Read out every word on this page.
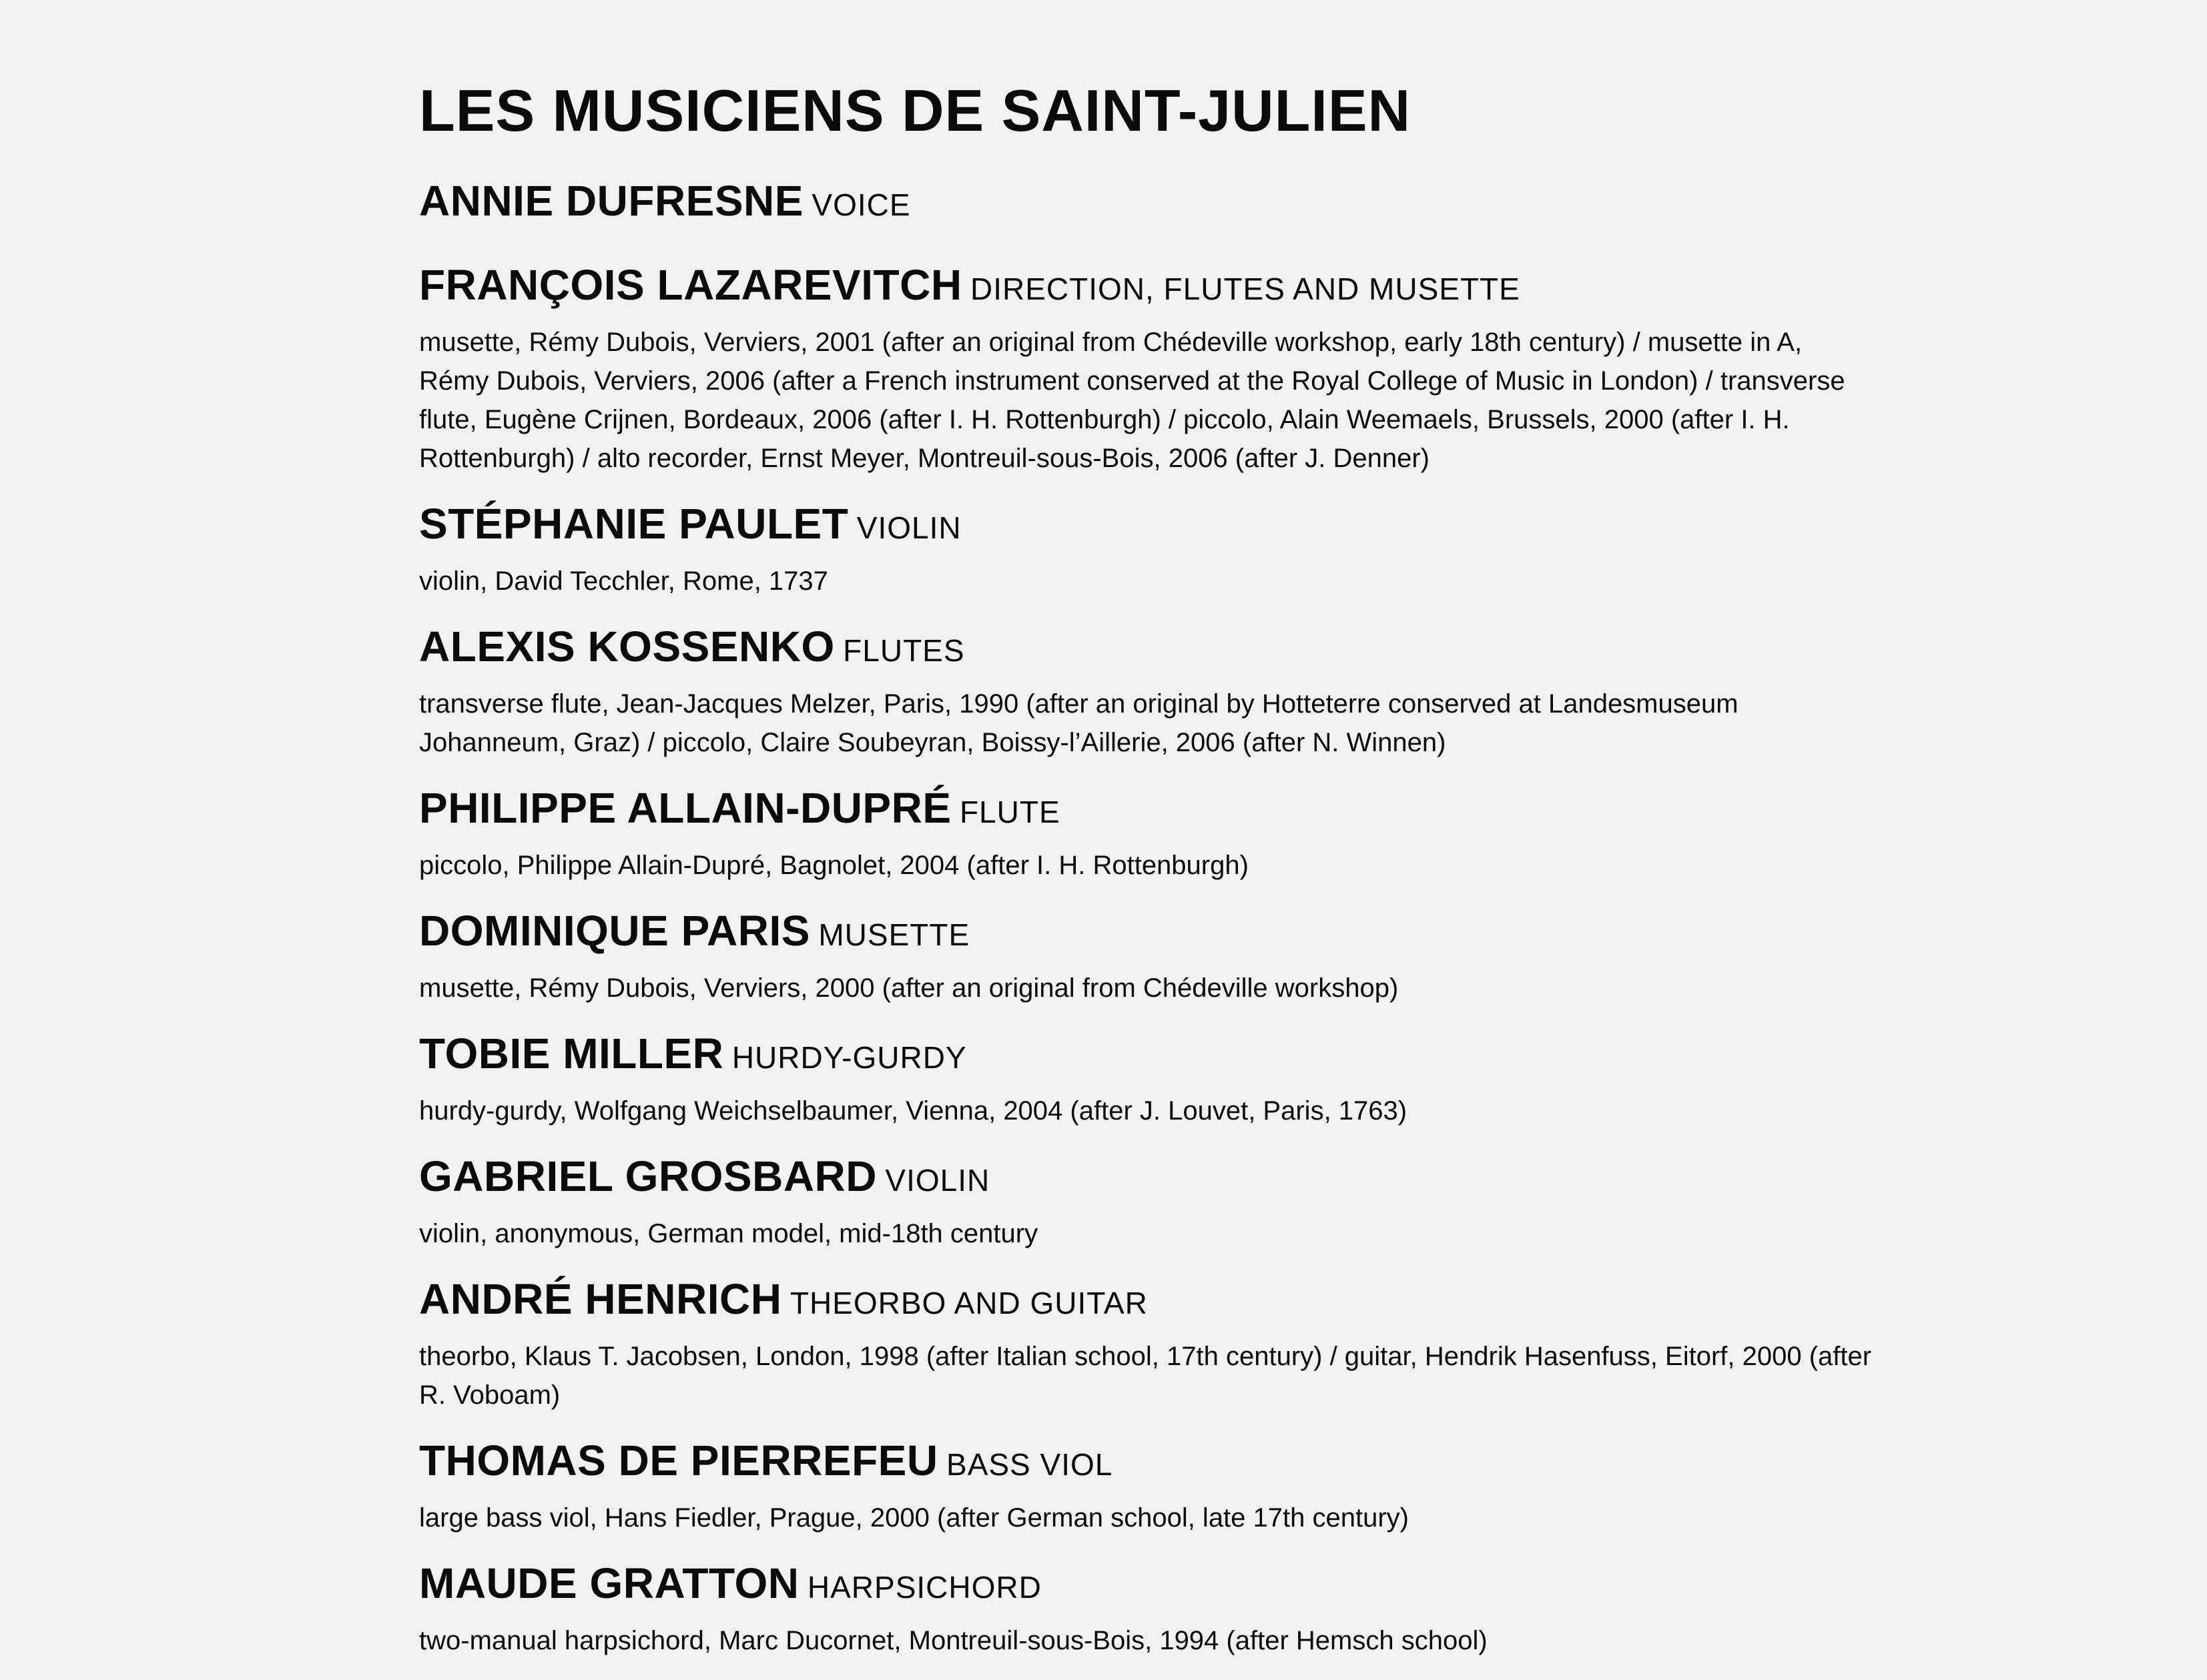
LES MUSICIENS DE SAINT-JULIEN
ANNIE DUFRESNE VOICE
FRANÇOIS LAZAREVITCH DIRECTION, FLUTES AND MUSETTE
musette, Rémy Dubois, Verviers, 2001 (after an original from Chédeville workshop, early 18th century) / musette in A, Rémy Dubois, Verviers, 2006 (after a French instrument conserved at the Royal College of Music in London) / transverse flute, Eugène Crijnen, Bordeaux, 2006 (after I. H. Rottenburgh) / piccolo, Alain Weemaels, Brussels, 2000 (after I. H. Rottenburgh) / alto recorder, Ernst Meyer, Montreuil-sous-Bois, 2006 (after J. Denner)
STÉPHANIE PAULET VIOLIN
violin, David Tecchler, Rome, 1737
ALEXIS KOSSENKO FLUTES
transverse flute, Jean-Jacques Melzer, Paris, 1990 (after an original by Hotteterre conserved at Landesmuseum Johanneum, Graz) / piccolo, Claire Soubeyran, Boissy-l’Aillerie, 2006 (after N. Winnen)
PHILIPPE ALLAIN-DUPRÉ FLUTE
piccolo, Philippe Allain-Dupré, Bagnolet, 2004 (after I. H. Rottenburgh)
DOMINIQUE PARIS MUSETTE
musette, Rémy Dubois, Verviers, 2000 (after an original from Chédeville workshop)
TOBIE MILLER HURDY-GURDY
hurdy-gurdy, Wolfgang Weichselbaumer, Vienna, 2004 (after J. Louvet, Paris, 1763)
GABRIEL GROSBARD VIOLIN
violin, anonymous, German model, mid-18th century
ANDRÉ HENRICH THEORBO AND GUITAR
theorbo, Klaus T. Jacobsen, London, 1998 (after Italian school, 17th century) / guitar, Hendrik Hasenfuss, Eitorf, 2000 (after R. Voboam)
THOMAS DE PIERREFEU BASS VIOL
large bass viol, Hans Fiedler, Prague, 2000 (after German school, late 17th century)
MAUDE GRATTON HARPSICHORD
two-manual harpsichord, Marc Ducornet, Montreuil-sous-Bois, 1994 (after Hemsch school)
